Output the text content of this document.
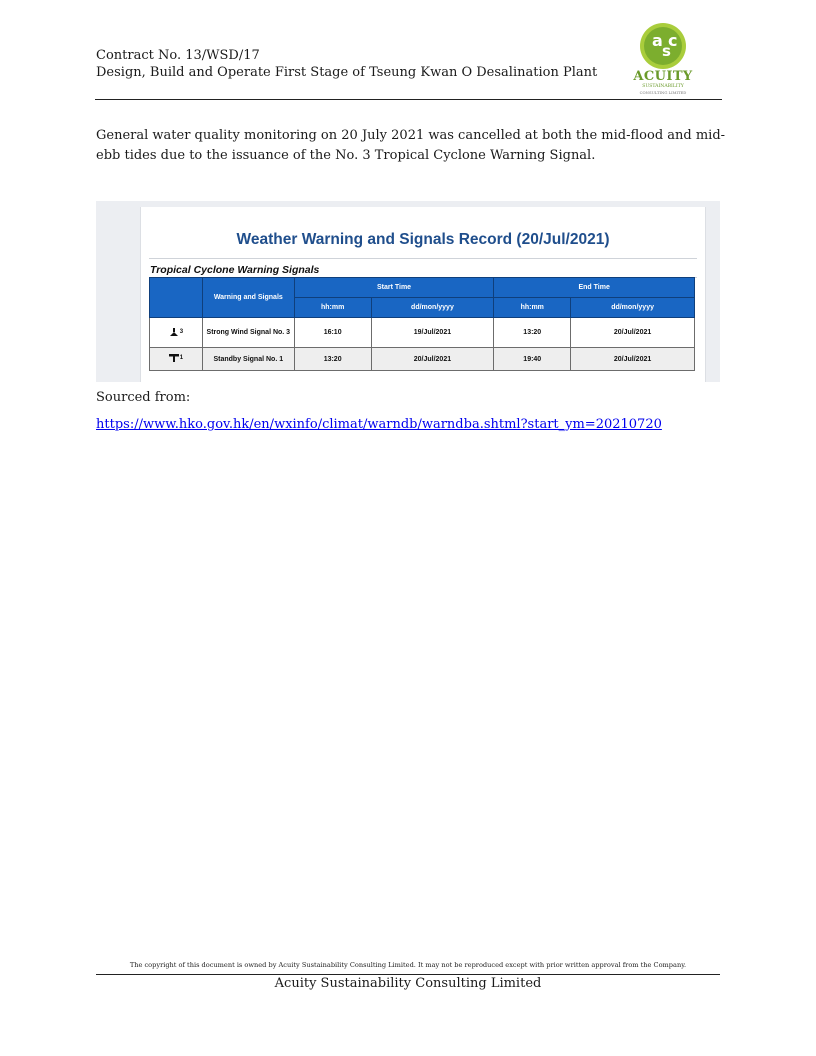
Contract No. 13/WSD/17
Design, Build and Operate First Stage of Tseung Kwan O Desalination Plant
a
s
c
ACUITY
SUSTAINABILITY
CONSULTING LIMITED
General water quality monitoring on 20 July 2021 was cancelled at both the mid-flood and mid-ebb tides due to the issuance of the No. 3 Tropical Cyclone Warning Signal.
Weather Warning and Signals Record (20/Jul/2021)
Tropical Cyclone Warning Signals
	Warning and Signals	Start Time		End Time	
		hh:mm	dd/mon/yyyy	hh:mm	dd/mon/yyyy

3	Strong Wind Signal No. 3	16:10	19/Jul/2021	13:20	20/Jul/2021

1	Standby Signal No. 1	13:20	20/Jul/2021	19:40	20/Jul/2021
Sourced from:
https://www.hko.gov.hk/en/wxinfo/climat/warndb/warndba.shtml?start_ym=20210720
The copyright of this document is owned by Acuity Sustainability Consulting Limited. It may not be reproduced except with prior written approval from the Company.
Acuity Sustainability Consulting Limited
